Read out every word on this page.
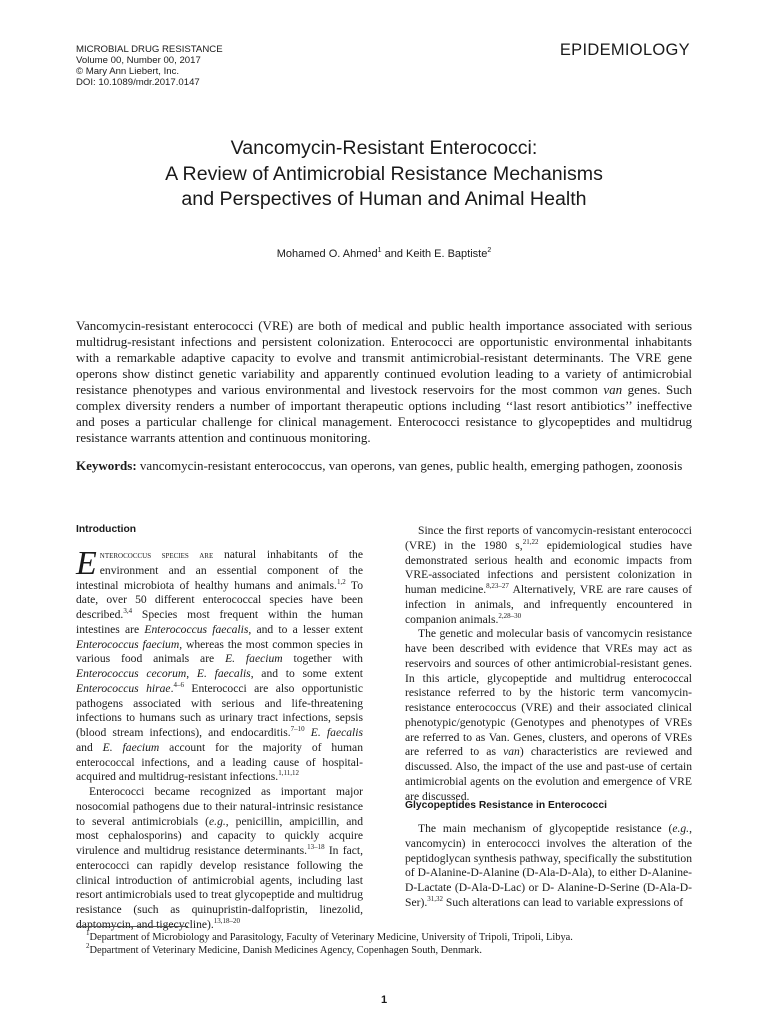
MICROBIAL DRUG RESISTANCE
Volume 00, Number 00, 2017
© Mary Ann Liebert, Inc.
DOI: 10.1089/mdr.2017.0147
EPIDEMIOLOGY
Vancomycin-Resistant Enterococci:
A Review of Antimicrobial Resistance Mechanisms
and Perspectives of Human and Animal Health
Mohamed O. Ahmed$^1$ and Keith E. Baptiste$^2$
Vancomycin-resistant enterococci (VRE) are both of medical and public health importance associated with serious multidrug-resistant infections and persistent colonization. Enterococci are opportunistic environmental inhabitants with a remarkable adaptive capacity to evolve and transmit antimicrobial-resistant determinants. The VRE gene operons show distinct genetic variability and apparently continued evolution leading to a variety of antimicrobial resistance phenotypes and various environmental and livestock reservoirs for the most common van genes. Such complex diversity renders a number of important therapeutic options including ‘‘last resort antibiotics’’ ineffective and poses a particular challenge for clinical management. Enterococci resistance to glycopeptides and multidrug resistance warrants attention and continuous monitoring.
Keywords: vancomycin-resistant enterococcus, van operons, van genes, public health, emerging pathogen, zoonosis
Introduction

Enterococcus species are natural inhabitants of the environment and an essential component of the intestinal microbiota of healthy humans and animals.$^{1,2}$ To date, over 50 different enterococcal species have been described.$^{3,4}$ Species most frequent within the human intestines are Enterococcus faecalis, and to a lesser extent Enterococcus faecium, whereas the most common species in various food animals are E. faecium together with Enterococcus cecorum, E. faecalis, and to some extent Enterococcus hirae.$^{4-6}$ Enterococci are also opportunistic pathogens associated with serious and life-threatening infections to humans such as urinary tract infections, sepsis (blood stream infections), and endocarditis.$^{7-10}$ E. faecalis and E. faecium account for the majority of human enterococcal infections, and a leading cause of hospital-acquired and multidrug-resistant infections.$^{1,11,12}$

Enterococci became recognized as important major nosocomial pathogens due to their natural-intrinsic resistance to several antimicrobials (e.g., penicillin, ampicillin, and most cephalosporins) and capacity to quickly acquire virulence and multidrug resistance determinants.$^{13-18}$ In fact, enterococci can rapidly develop resistance following the clinical introduction of antimicrobial agents, including last resort antimicrobials used to treat glycopeptide and multidrug resistance (such as quinupristin-dalfopristin, linezolid, daptomycin, and tigecycline).$^{13,18-20}$

Since the first reports of vancomycin-resistant enterococci (VRE) in the 1980 s,$^{21,22}$ epidemiological studies have demonstrated serious health and economic impacts from VRE-associated infections and persistent colonization in human medicine.$^{8,23-27}$ Alternatively, VRE are rare causes of infection in animals, and infrequently encountered in companion animals.$^{2,28-30}$

The genetic and molecular basis of vancomycin resistance have been described with evidence that VREs may act as reservoirs and sources of other antimicrobial-resistant genes. In this article, glycopeptide and multidrug enterococcal resistance referred to by the historic term vancomycin-resistance enterococcus (VRE) and their associated clinical phenotypic/genotypic (Genotypes and phenotypes of VREs are referred to as Van. Genes, clusters, and operons of VREs are referred to as van) characteristics are reviewed and discussed. Also, the impact of the use and past-use of certain antimicrobial agents on the evolution and emergence of VRE are discussed.

Glycopeptides Resistance in Enterococci

The main mechanism of glycopeptide resistance (e.g., vancomycin) in enterococci involves the alteration of the peptidoglycan synthesis pathway, specifically the substitution of D-Alanine-D-Alanine (D-Ala-D-Ala), to either D-Alanine-D-Lactate (D-Ala-D-Lac) or D- Alanine-D-Serine (D-Ala-D-Ser).$^{31,32}$ Such alterations can lead to variable expressions of

$^1$Department of Microbiology and Parasitology, Faculty of Veterinary Medicine, University of Tripoli, Tripoli, Libya.
$^2$Department of Veterinary Medicine, Danish Medicines Agency, Copenhagen South, Denmark.
1
